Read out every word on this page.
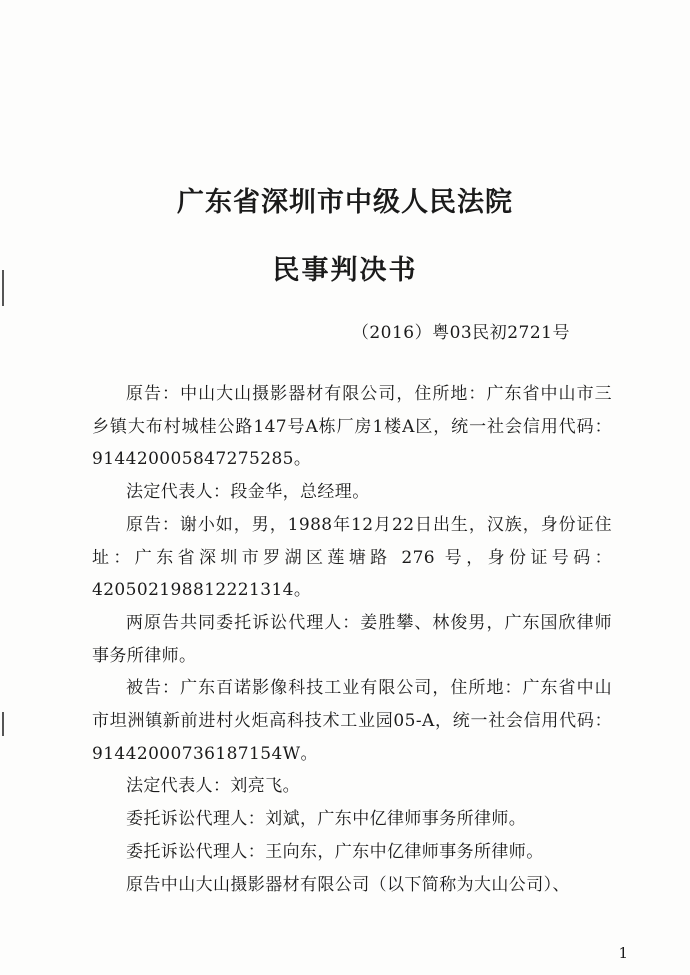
广东省深圳市中级人民法院
民事判决书
（2016）粤03民初2721号

原告：中山大山摄影器材有限公司，住所地：广东省中山市三乡镇大布村城桂公路147号A栋厂房1楼A区，统一社会信用代码：914420005847275285。

法定代表人：段金华，总经理。

原告：谢小如，男，1988年12月22日出生，汉族，身份证住址：广东省深圳市罗湖区莲塘路 276 号，身份证号码：420502198812221314。

两原告共同委托诉讼代理人：姜胜攀、林俊男，广东国欣律师事务所律师。

被告：广东百诺影像科技工业有限公司，住所地：广东省中山市坦洲镇新前进村火炬高科技术工业园05-A，统一社会信用代码：91442000736187154W。

法定代表人：刘亮飞。

委托诉讼代理人：刘斌，广东中亿律师事务所律师。

委托诉讼代理人：王向东，广东中亿律师事务所律师。

原告中山大山摄影器材有限公司（以下简称为大山公司）、

1
